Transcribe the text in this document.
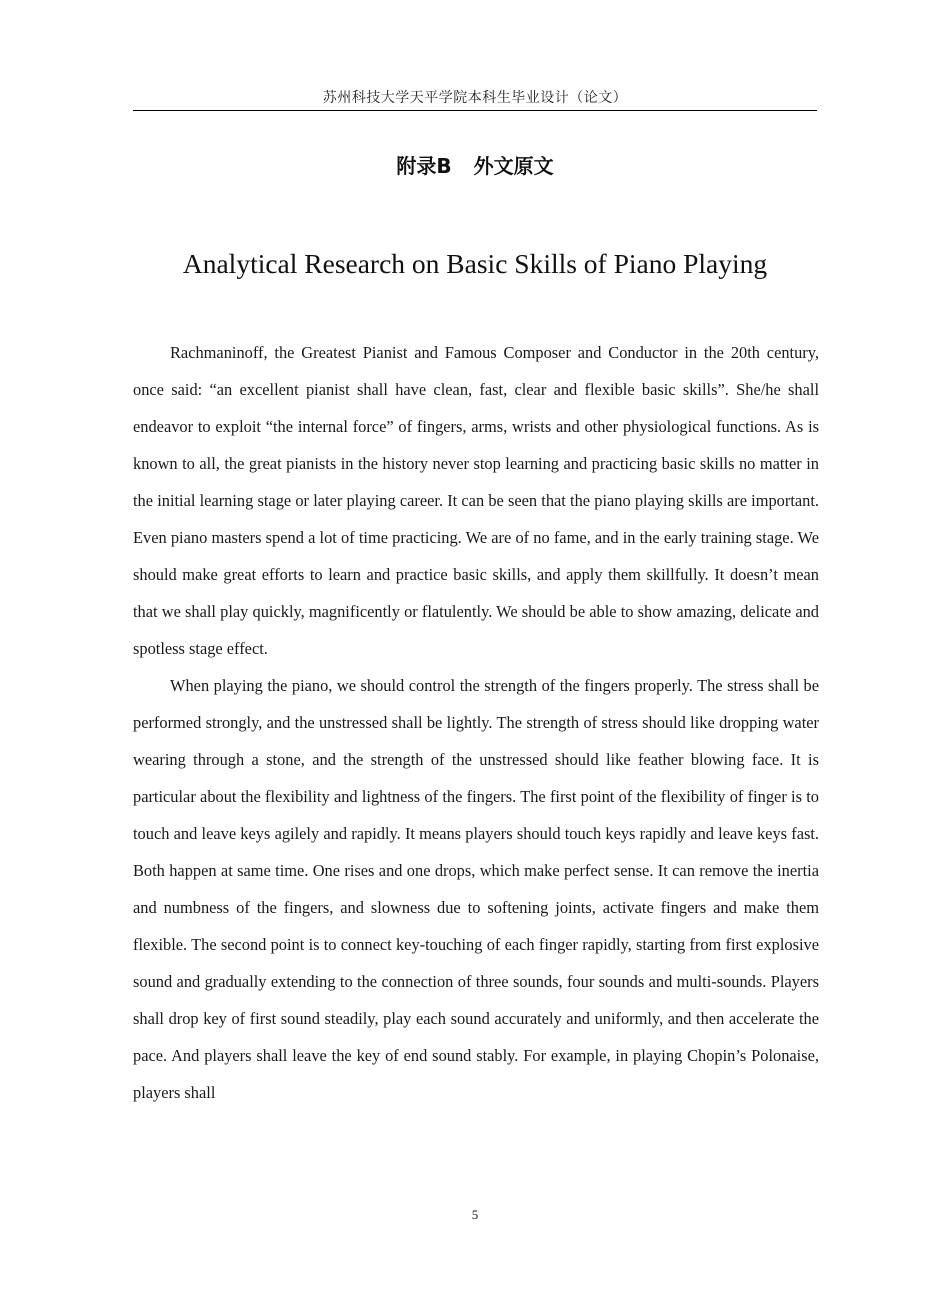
苏州科技大学天平学院本科生毕业设计（论文）
附录B 外文原文
Analytical Research on Basic Skills of Piano Playing

Rachmaninoff, the Greatest Pianist and Famous Composer and Conductor in the 20th century, once said: “an excellent pianist shall have clean, fast, clear and flexible basic skills”. She/he shall endeavor to exploit “the internal force” of fingers, arms, wrists and other physiological functions. As is known to all, the great pianists in the history never stop learning and practicing basic skills no matter in the initial learning stage or later playing career. It can be seen that the piano playing skills are important. Even piano masters spend a lot of time practicing. We are of no fame, and in the early training stage. We should make great efforts to learn and practice basic skills, and apply them skillfully. It doesn’t mean that we shall play quickly, magnificently or flatulently. We should be able to show amazing, delicate and spotless stage effect.

When playing the piano, we should control the strength of the fingers properly. The stress shall be performed strongly, and the unstressed shall be lightly. The strength of stress should like dropping water wearing through a stone, and the strength of the unstressed should like feather blowing face. It is particular about the flexibility and lightness of the fingers. The first point of the flexibility of finger is to touch and leave keys agilely and rapidly. It means players should touch keys rapidly and leave keys fast. Both happen at same time. One rises and one drops, which make perfect sense. It can remove the inertia and numbness of the fingers, and slowness due to softening joints, activate fingers and make them flexible. The second point is to connect key-touching of each finger rapidly, starting from first explosive sound and gradually extending to the connection of three sounds, four sounds and multi-sounds. Players shall drop key of first sound steadily, play each sound accurately and uniformly, and then accelerate the pace. And players shall leave the key of end sound stably. For example, in playing Chopin’s Polonaise, players shall

5
